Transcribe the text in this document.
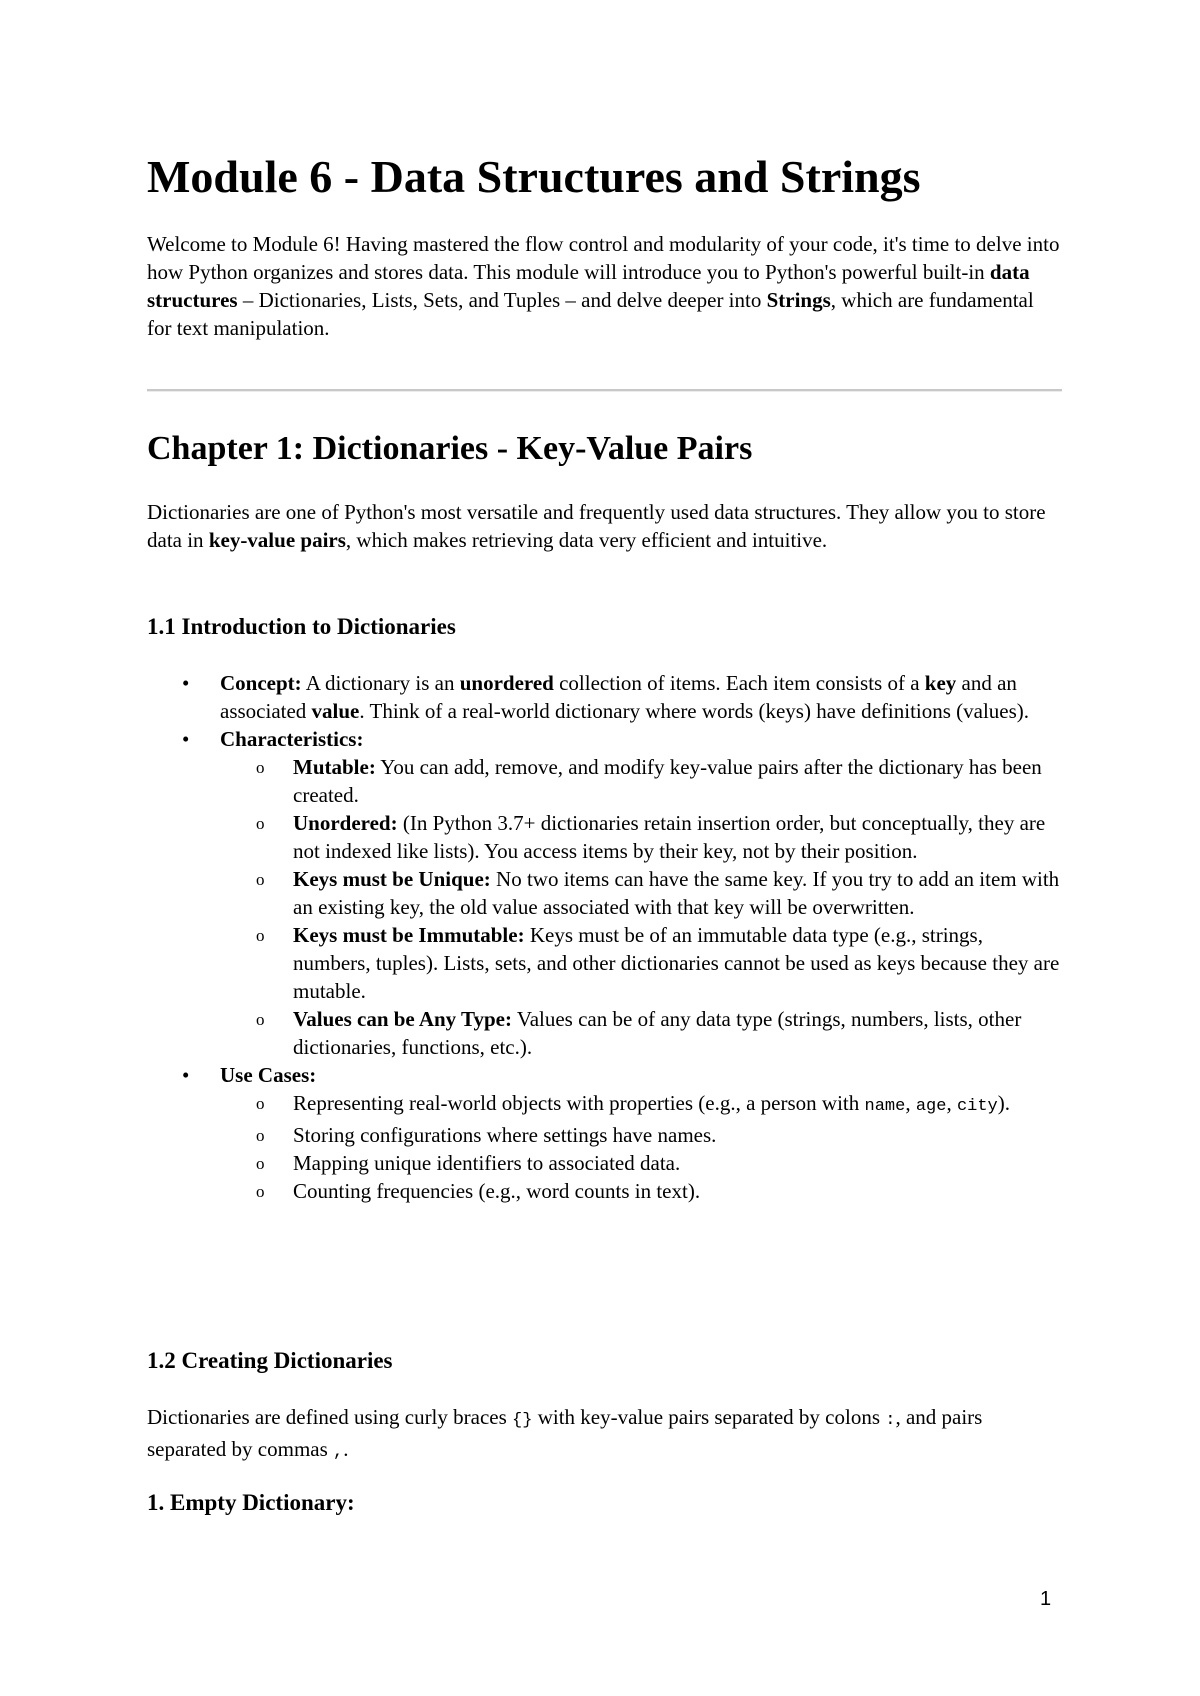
Module 6 - Data Structures and Strings

Welcome to Module 6! Having mastered the flow control and modularity of your code, it's time to delve into how Python organizes and stores data. This module will introduce you to Python's powerful built-in data structures – Dictionaries, Lists, Sets, and Tuples – and delve deeper into Strings, which are fundamental for text manipulation.

Chapter 1: Dictionaries - Key-Value Pairs

Dictionaries are one of Python's most versatile and frequently used data structures. They allow you to store data in key-value pairs, which makes retrieving data very efficient and intuitive.

1.1 Introduction to Dictionaries
• Concept: A dictionary is an unordered collection of items. Each item consists of a key and an associated value. Think of a real-world dictionary where words (keys) have definitions (values).
• Characteristics:
o Mutable: You can add, remove, and modify key-value pairs after the dictionary has been created.
o Unordered: (In Python 3.7+ dictionaries retain insertion order, but conceptually, they are not indexed like lists). You access items by their key, not by their position.
o Keys must be Unique: No two items can have the same key. If you try to add an item with an existing key, the old value associated with that key will be overwritten.
o Keys must be Immutable: Keys must be of an immutable data type (e.g., strings, numbers, tuples). Lists, sets, and other dictionaries cannot be used as keys because they are mutable.
o Values can be Any Type: Values can be of any data type (strings, numbers, lists, other dictionaries, functions, etc.).
• Use Cases:
o Representing real-world objects with properties (e.g., a person with name, age, city).
o Storing configurations where settings have names.
o Mapping unique identifiers to associated data.
o Counting frequencies (e.g., word counts in text).
1.2 Creating Dictionaries

Dictionaries are defined using curly braces {} with key-value pairs separated by colons :, and pairs separated by commas ,.

1. Empty Dictionary:

1
